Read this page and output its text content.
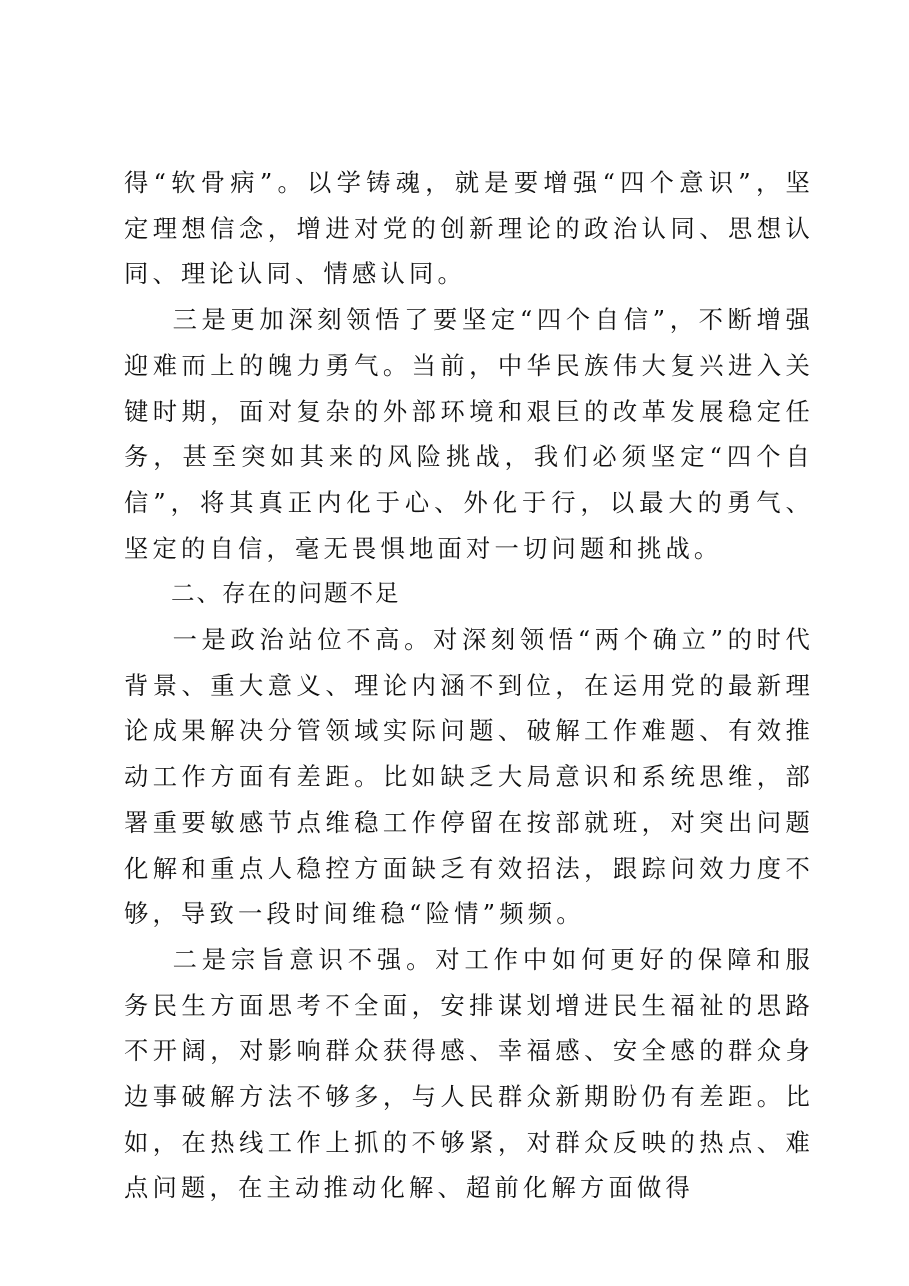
得“软骨病”。以学铸魂，就是要增强“四个意识”，坚定理想信念，增进对党的创新理论的政治认同、思想认同、理论认同、情感认同。

三是更加深刻领悟了要坚定“四个自信”，不断增强迎难而上的魄力勇气。当前，中华民族伟大复兴进入关键时期，面对复杂的外部环境和艰巨的改革发展稳定任务，甚至突如其来的风险挑战，我们必须坚定“四个自信”，将其真正内化于心、外化于行，以最大的勇气、坚定的自信，毫无畏惧地面对一切问题和挑战。

二、存在的问题不足

一是政治站位不高。对深刻领悟“两个确立”的时代背景、重大意义、理论内涵不到位，在运用党的最新理论成果解决分管领域实际问题、破解工作难题、有效推动工作方面有差距。比如缺乏大局意识和系统思维，部署重要敏感节点维稳工作停留在按部就班，对突出问题化解和重点人稳控方面缺乏有效招法，跟踪问效力度不够，导致一段时间维稳“险情”频频。

二是宗旨意识不强。对工作中如何更好的保障和服务民生方面思考不全面，安排谋划增进民生福祉的思路不开阔，对影响群众获得感、幸福感、安全感的群众身边事破解方法不够多，与人民群众新期盼仍有差距。比如，在热线工作上抓的不够紧，对群众反映的热点、难点问题，在主动推动化解、超前化解方面做得
